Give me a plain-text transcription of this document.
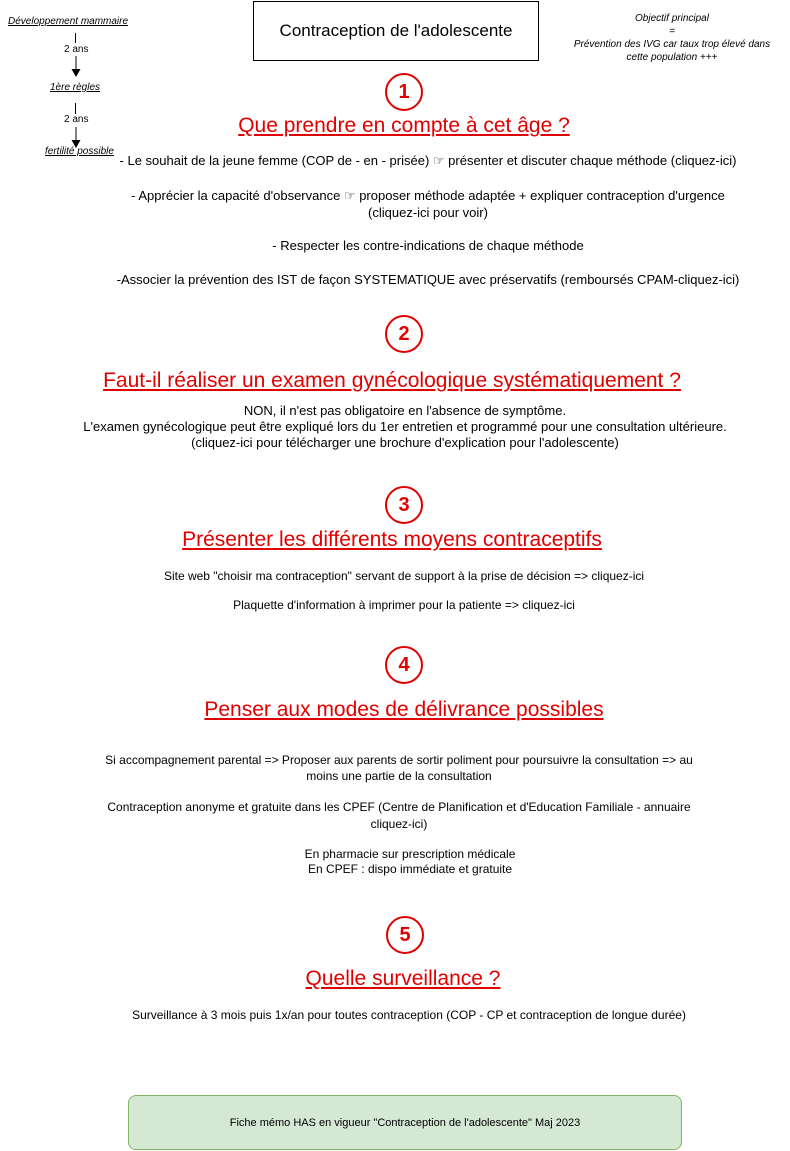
Développement mammaire
2 ans
1ère règles
2 ans
fertilité possible
Contraception de l'adolescente
Objectif principal
=
Prévention des IVG car taux trop élevé dans
cette population +++
1
Que prendre en compte à cet âge ?
- Le souhait de la jeune femme (COP de - en - prisée) ☞ présenter et discuter chaque méthode (cliquez-ici)
- Apprécier la capacité d'observance ☞ proposer méthode adaptée + expliquer contraception d'urgence
(cliquez-ici pour voir)
- Respecter les contre-indications de chaque méthode
-Associer la prévention des IST de façon SYSTEMATIQUE avec préservatifs (remboursés CPAM-cliquez-ici)
2
Faut-il réaliser un examen gynécologique systématiquement ?
NON, il n'est pas obligatoire en l'absence de symptôme.
L'examen gynécologique peut être expliqué lors du 1er entretien et programmé pour une consultation ultérieure.
(cliquez-ici pour télécharger une brochure d'explication pour l'adolescente)
3
Présenter les différents moyens contraceptifs
Site web "choisir ma contraception" servant de support à la prise de décision => cliquez-ici
Plaquette d'information à imprimer pour la patiente => cliquez-ici
4
Penser aux modes de délivrance possibles
Si accompagnement parental => Proposer aux parents de sortir poliment pour poursuivre la consultation => au
moins une partie de la consultation
Contraception anonyme et gratuite dans les CPEF (Centre de Planification et d'Education Familiale - annuaire
cliquez-ici)
En pharmacie sur prescription médicale
En CPEF : dispo immédiate et gratuite
5
Quelle surveillance ?
Surveillance à 3 mois puis 1x/an pour toutes contraception (COP - CP et contraception de longue durée)
Fiche mémo HAS en vigueur "Contraception de l'adolescente" Maj 2023
